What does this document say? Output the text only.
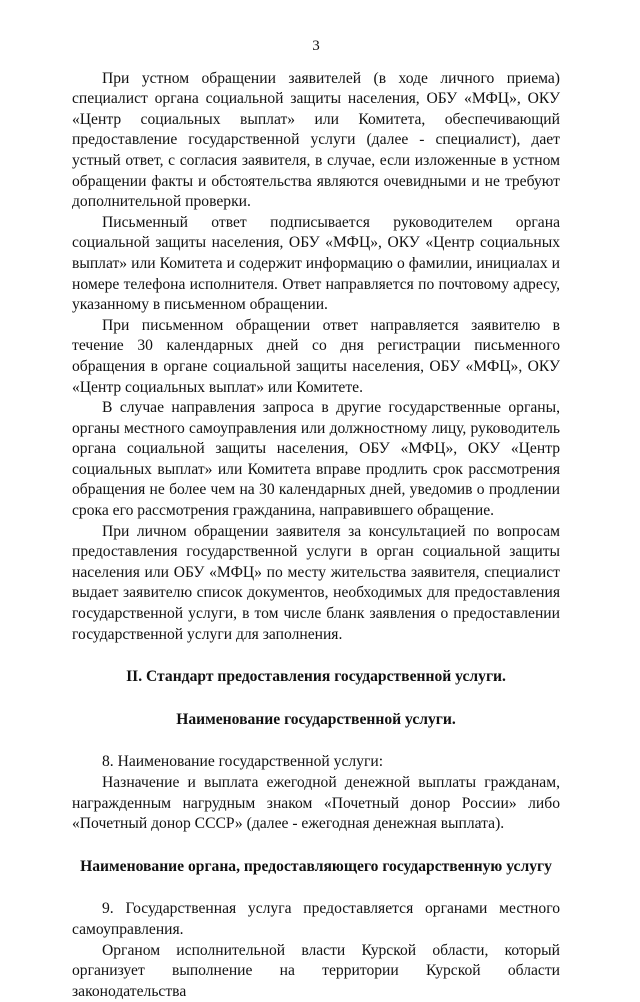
3

При устном обращении заявителей (в ходе личного приема) специалист органа социальной защиты населения, ОБУ «МФЦ», ОКУ «Центр социальных выплат» или Комитета, обеспечивающий предоставление государственной услуги (далее - специалист), дает устный ответ, с согласия заявителя, в случае, если изложенные в устном обращении факты и обстоятельства являются очевидными и не требуют дополнительной проверки.

Письменный ответ подписывается руководителем органа социальной защиты населения, ОБУ «МФЦ», ОКУ «Центр социальных выплат» или Комитета и содержит информацию о фамилии, инициалах и номере телефона исполнителя. Ответ направляется по почтовому адресу, указанному в письменном обращении.

При письменном обращении ответ направляется заявителю в течение 30 календарных дней со дня регистрации письменного обращения в органе социальной защиты населения, ОБУ «МФЦ», ОКУ «Центр социальных выплат» или Комитете.

В случае направления запроса в другие государственные органы, органы местного самоуправления или должностному лицу, руководитель органа социальной защиты населения, ОБУ «МФЦ», ОКУ «Центр социальных выплат» или Комитета вправе продлить срок рассмотрения обращения не более чем на 30 календарных дней, уведомив о продлении срока его рассмотрения гражданина, направившего обращение.

При личном обращении заявителя за консультацией по вопросам предоставления государственной услуги в орган социальной защиты населения или ОБУ «МФЦ» по месту жительства заявителя, специалист выдает заявителю список документов, необходимых для предоставления государственной услуги, в том числе бланк заявления о предоставлении государственной услуги для заполнения.

II. Стандарт предоставления государственной услуги.
Наименование государственной услуги.

8. Наименование государственной услуги:

Назначение и выплата ежегодной денежной выплаты гражданам, награжденным нагрудным знаком «Почетный донор России» либо «Почетный донор СССР» (далее - ежегодная денежная выплата).

Наименование органа, предоставляющего государственную услугу

9. Государственная услуга предоставляется органами местного самоуправления.

Органом исполнительной власти Курской области, который организует выполнение на территории Курской области законодательства
